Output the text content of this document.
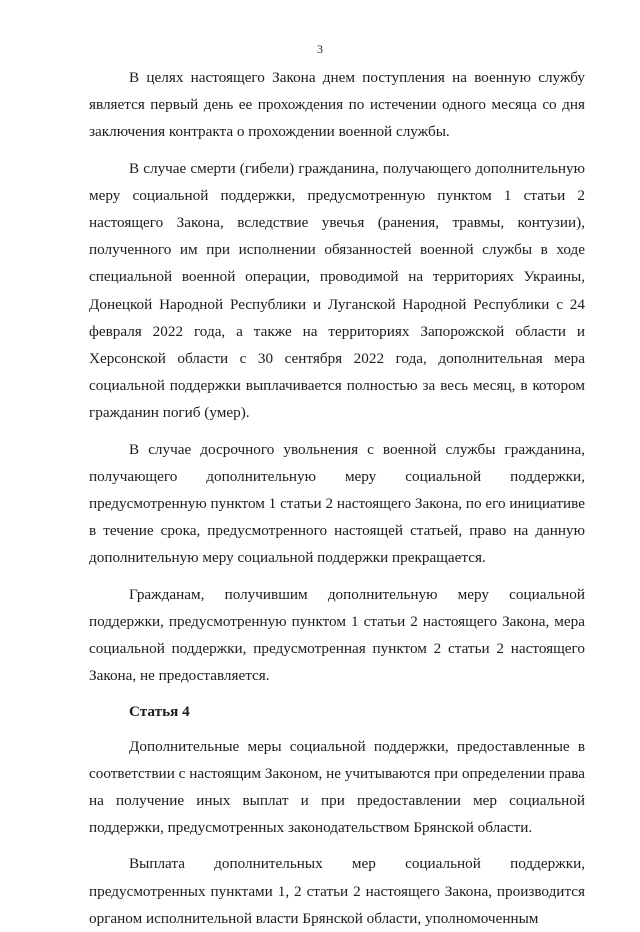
3

В целях настоящего Закона днем поступления на военную службу является первый день ее прохождения по истечении одного месяца со дня заключения контракта о прохождении военной службы.

В случае смерти (гибели) гражданина, получающего дополнительную меру социальной поддержки, предусмотренную пунктом 1 статьи 2 настоящего Закона, вследствие увечья (ранения, травмы, контузии), полученного им при исполнении обязанностей военной службы в ходе специальной военной операции, проводимой на территориях Украины, Донецкой Народной Республики и Луганской Народной Республики с 24 февраля 2022 года, а также на территориях Запорожской области и Херсонской области с 30 сентября 2022 года, дополнительная мера социальной поддержки выплачивается полностью за весь месяц, в котором гражданин погиб (умер).

В случае досрочного увольнения с военной службы гражданина, получающего дополнительную меру социальной поддержки, предусмотренную пунктом 1 статьи 2 настоящего Закона, по его инициативе в течение срока, предусмотренного настоящей статьей, право на данную дополнительную меру социальной поддержки прекращается.

Гражданам, получившим дополнительную меру социальной поддержки, предусмотренную пунктом 1 статьи 2 настоящего Закона, мера социальной поддержки, предусмотренная пунктом 2 статьи 2 настоящего Закона, не предоставляется.

Статья 4

Дополнительные меры социальной поддержки, предоставленные в соответствии с настоящим Законом, не учитываются при определении права на получение иных выплат и при предоставлении мер социальной поддержки, предусмотренных законодательством Брянской области.

Выплата дополнительных мер социальной поддержки, предусмотренных пунктами 1, 2 статьи 2 настоящего Закона, производится органом исполнительной власти Брянской области, уполномоченным
